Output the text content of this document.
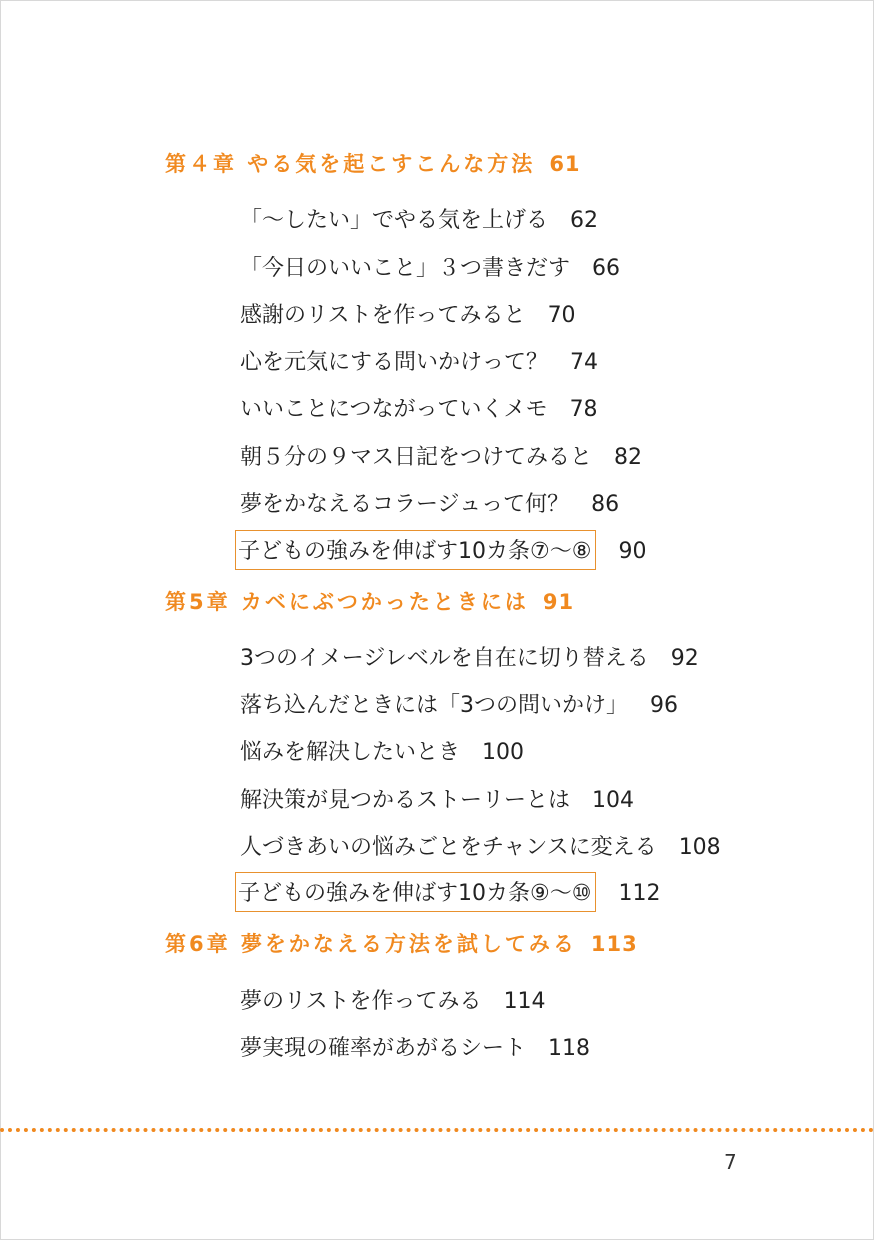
第４章 やる気を起こすこんな方法 61
「〜したい」でやる気を上げる 62
「今日のいいこと」３つ書きだす 66
感謝のリストを作ってみると 70
心を元気にする問いかけって？ 74
いいことにつながっていくメモ 78
朝５分の９マス日記をつけてみると 82
夢をかなえるコラージュって何？ 86
子どもの強みを伸ばす10カ条⑦〜⑧ 90
第5章 カベにぶつかったときには 91
3つのイメージレベルを自在に切り替える 92
落ち込んだときには「3つの問いかけ」 96
悩みを解決したいとき 100
解決策が見つかるストーリーとは 104
人づきあいの悩みごとをチャンスに変える 108
子どもの強みを伸ばす10カ条⑨〜⑩ 112
第6章 夢をかなえる方法を試してみる 113
夢のリストを作ってみる 114
夢実現の確率があがるシート 118
7
